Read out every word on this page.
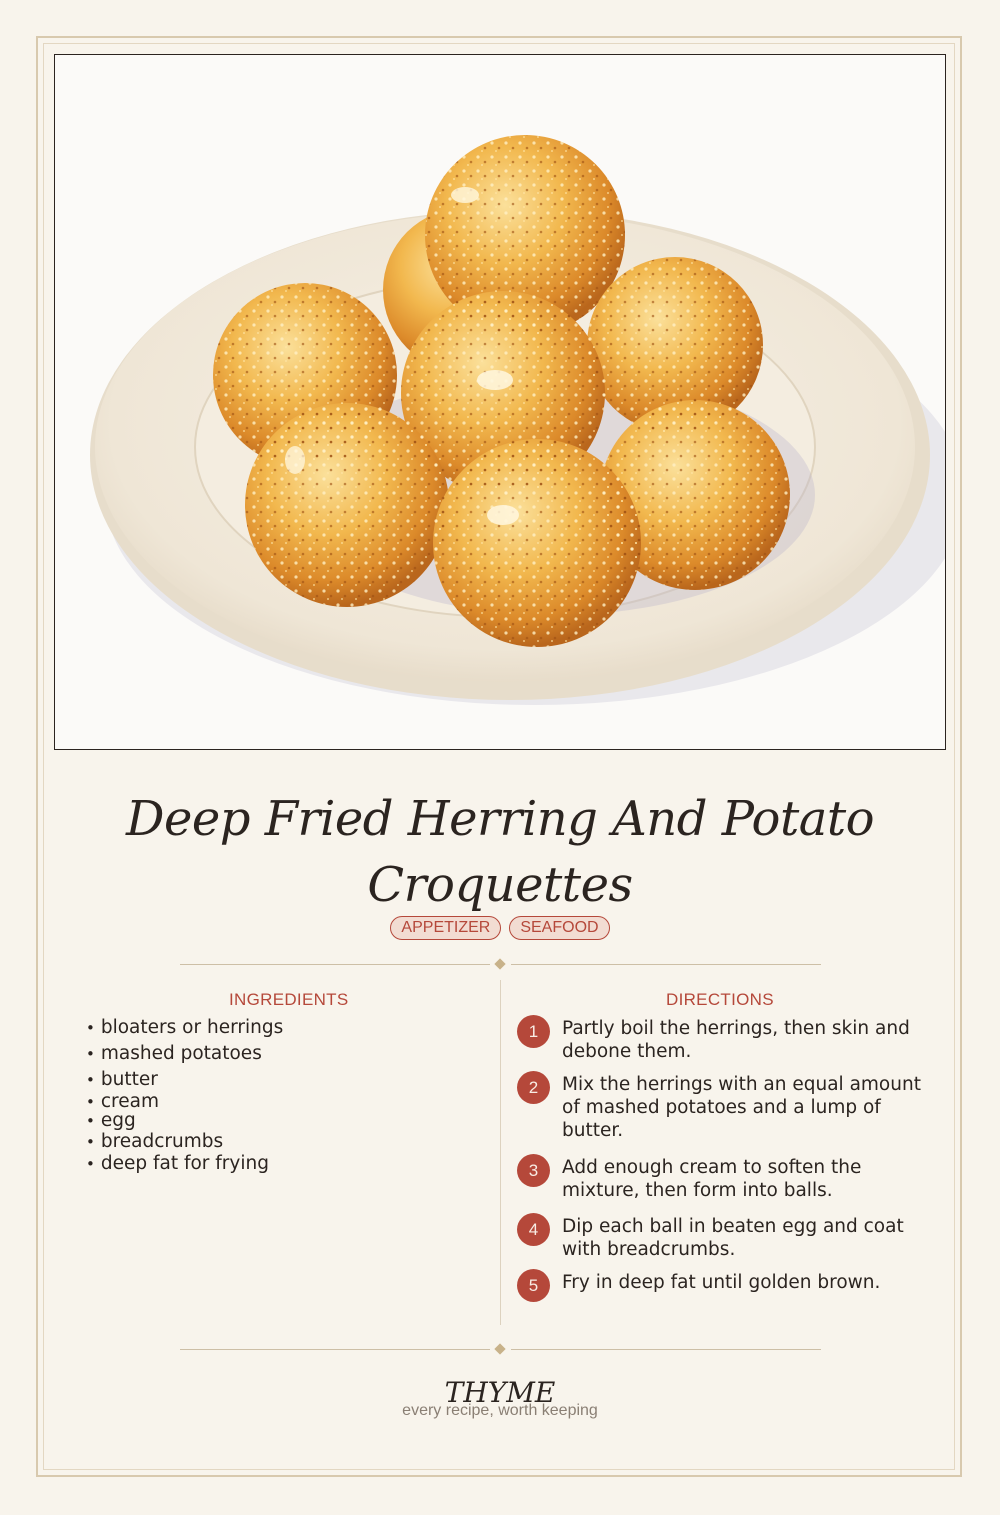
Deep Fried Herring And Potato Croquettes
APPETIZER	SEAFOOD
INGREDIENTS	DIRECTIONS
• bloaters or herrings
• mashed potatoes
• butter
• cream
• egg
• breadcrumbs
• deep fat for frying
1	Partly boil the herrings, then skin and debone them.
2	Mix the herrings with an equal amount of mashed potatoes and a lump of butter.
3	Add enough cream to soften the mixture, then form into balls.
4	Dip each ball in beaten egg and coat with breadcrumbs.
5	Fry in deep fat until golden brown.
THYME
every recipe, worth keeping
